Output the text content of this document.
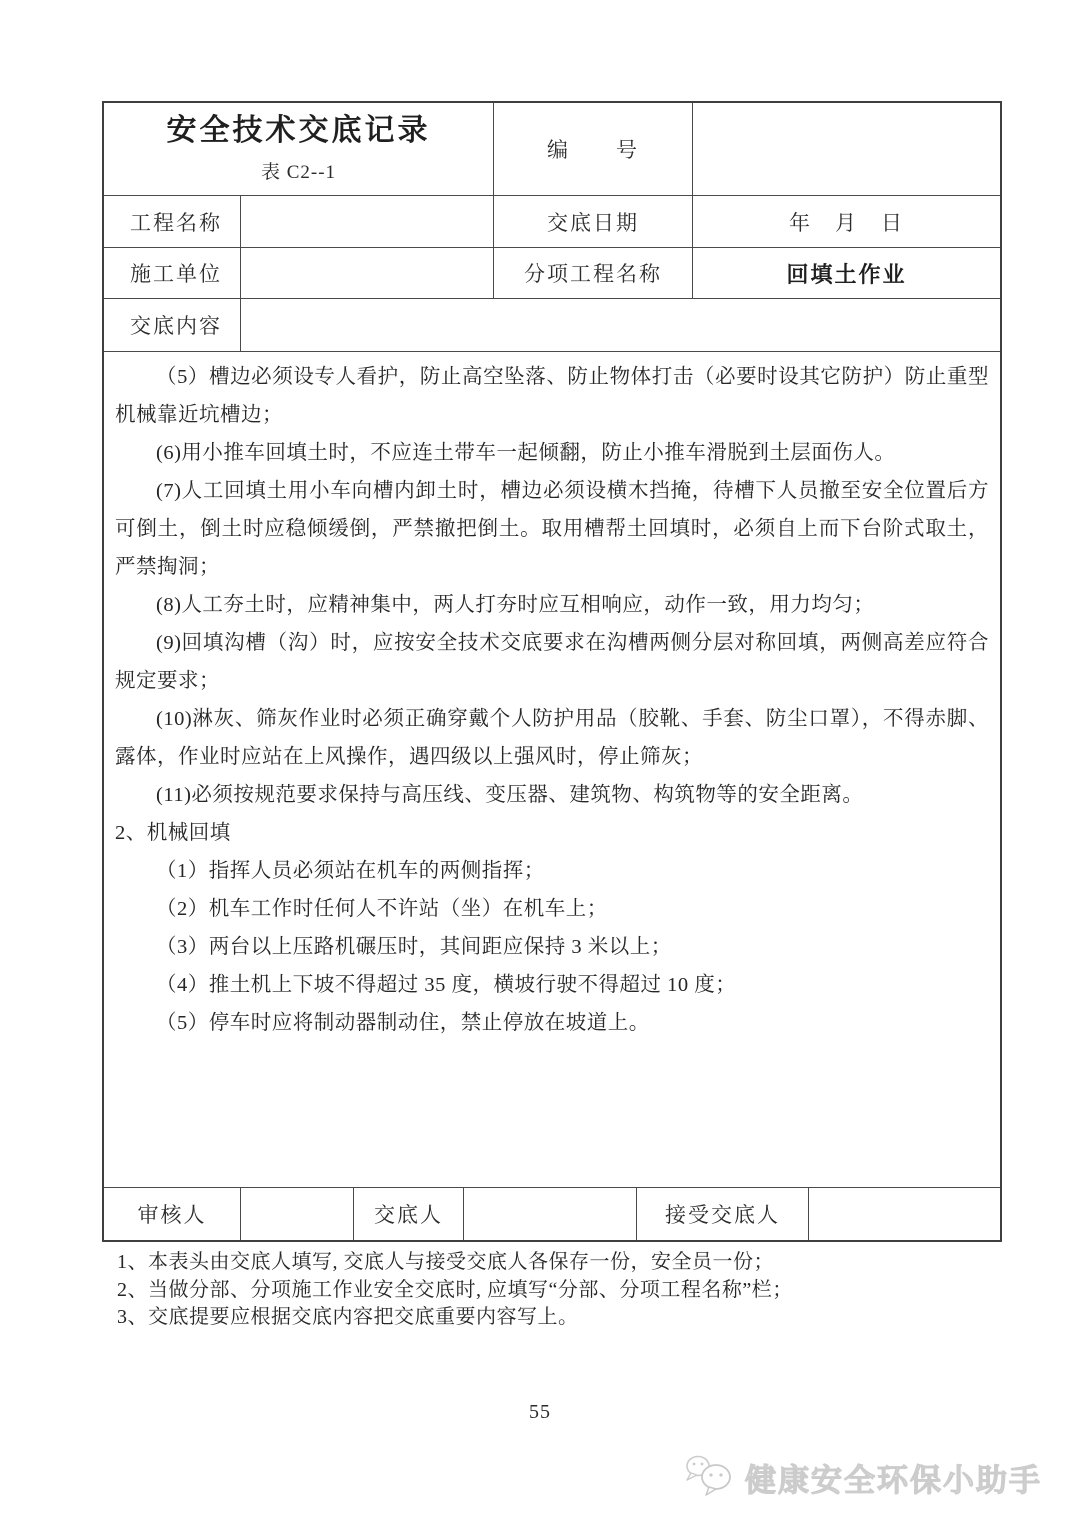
安全技术交底记录
表 C2--1
编　　号
工程名称	交底日期	年　月　日
施工单位	分项工程名称	回填土作业
交底内容

（5）槽边必须设专人看护，防止高空坠落、防止物体打击（必要时设其它防护）防止重型机械靠近坑槽边；

(6)用小推车回填土时，不应连土带车一起倾翻，防止小推车滑脱到土层面伤人。

(7)人工回填土用小车向槽内卸土时，槽边必须设横木挡掩，待槽下人员撤至安全位置后方可倒土，倒土时应稳倾缓倒，严禁撤把倒土。取用槽帮土回填时，必须自上而下台阶式取土，严禁掏洞；

(8)人工夯土时，应精神集中，两人打夯时应互相响应，动作一致，用力均匀；

(9)回填沟槽（沟）时，应按安全技术交底要求在沟槽两侧分层对称回填，两侧高差应符合规定要求；

(10)淋灰、筛灰作业时必须正确穿戴个人防护用品（胶靴、手套、防尘口罩），不得赤脚、露体，作业时应站在上风操作，遇四级以上强风时，停止筛灰；

(11)必须按规范要求保持与高压线、变压器、建筑物、构筑物等的安全距离。

2、机械回填

（1）指挥人员必须站在机车的两侧指挥；

（2）机车工作时任何人不许站（坐）在机车上；

（3）两台以上压路机碾压时，其间距应保持 3 米以上；

（4）推土机上下坡不得超过 35 度，横坡行驶不得超过 10 度；

（5）停车时应将制动器制动住，禁止停放在坡道上。

审核人	交底人	接受交底人

1、本表头由交底人填写, 交底人与接受交底人各保存一份，安全员一份；

2、当做分部、分项施工作业安全交底时, 应填写“分部、分项工程名称”栏；

3、交底提要应根据交底内容把交底重要内容写上。

55
健康安全环保小助手
